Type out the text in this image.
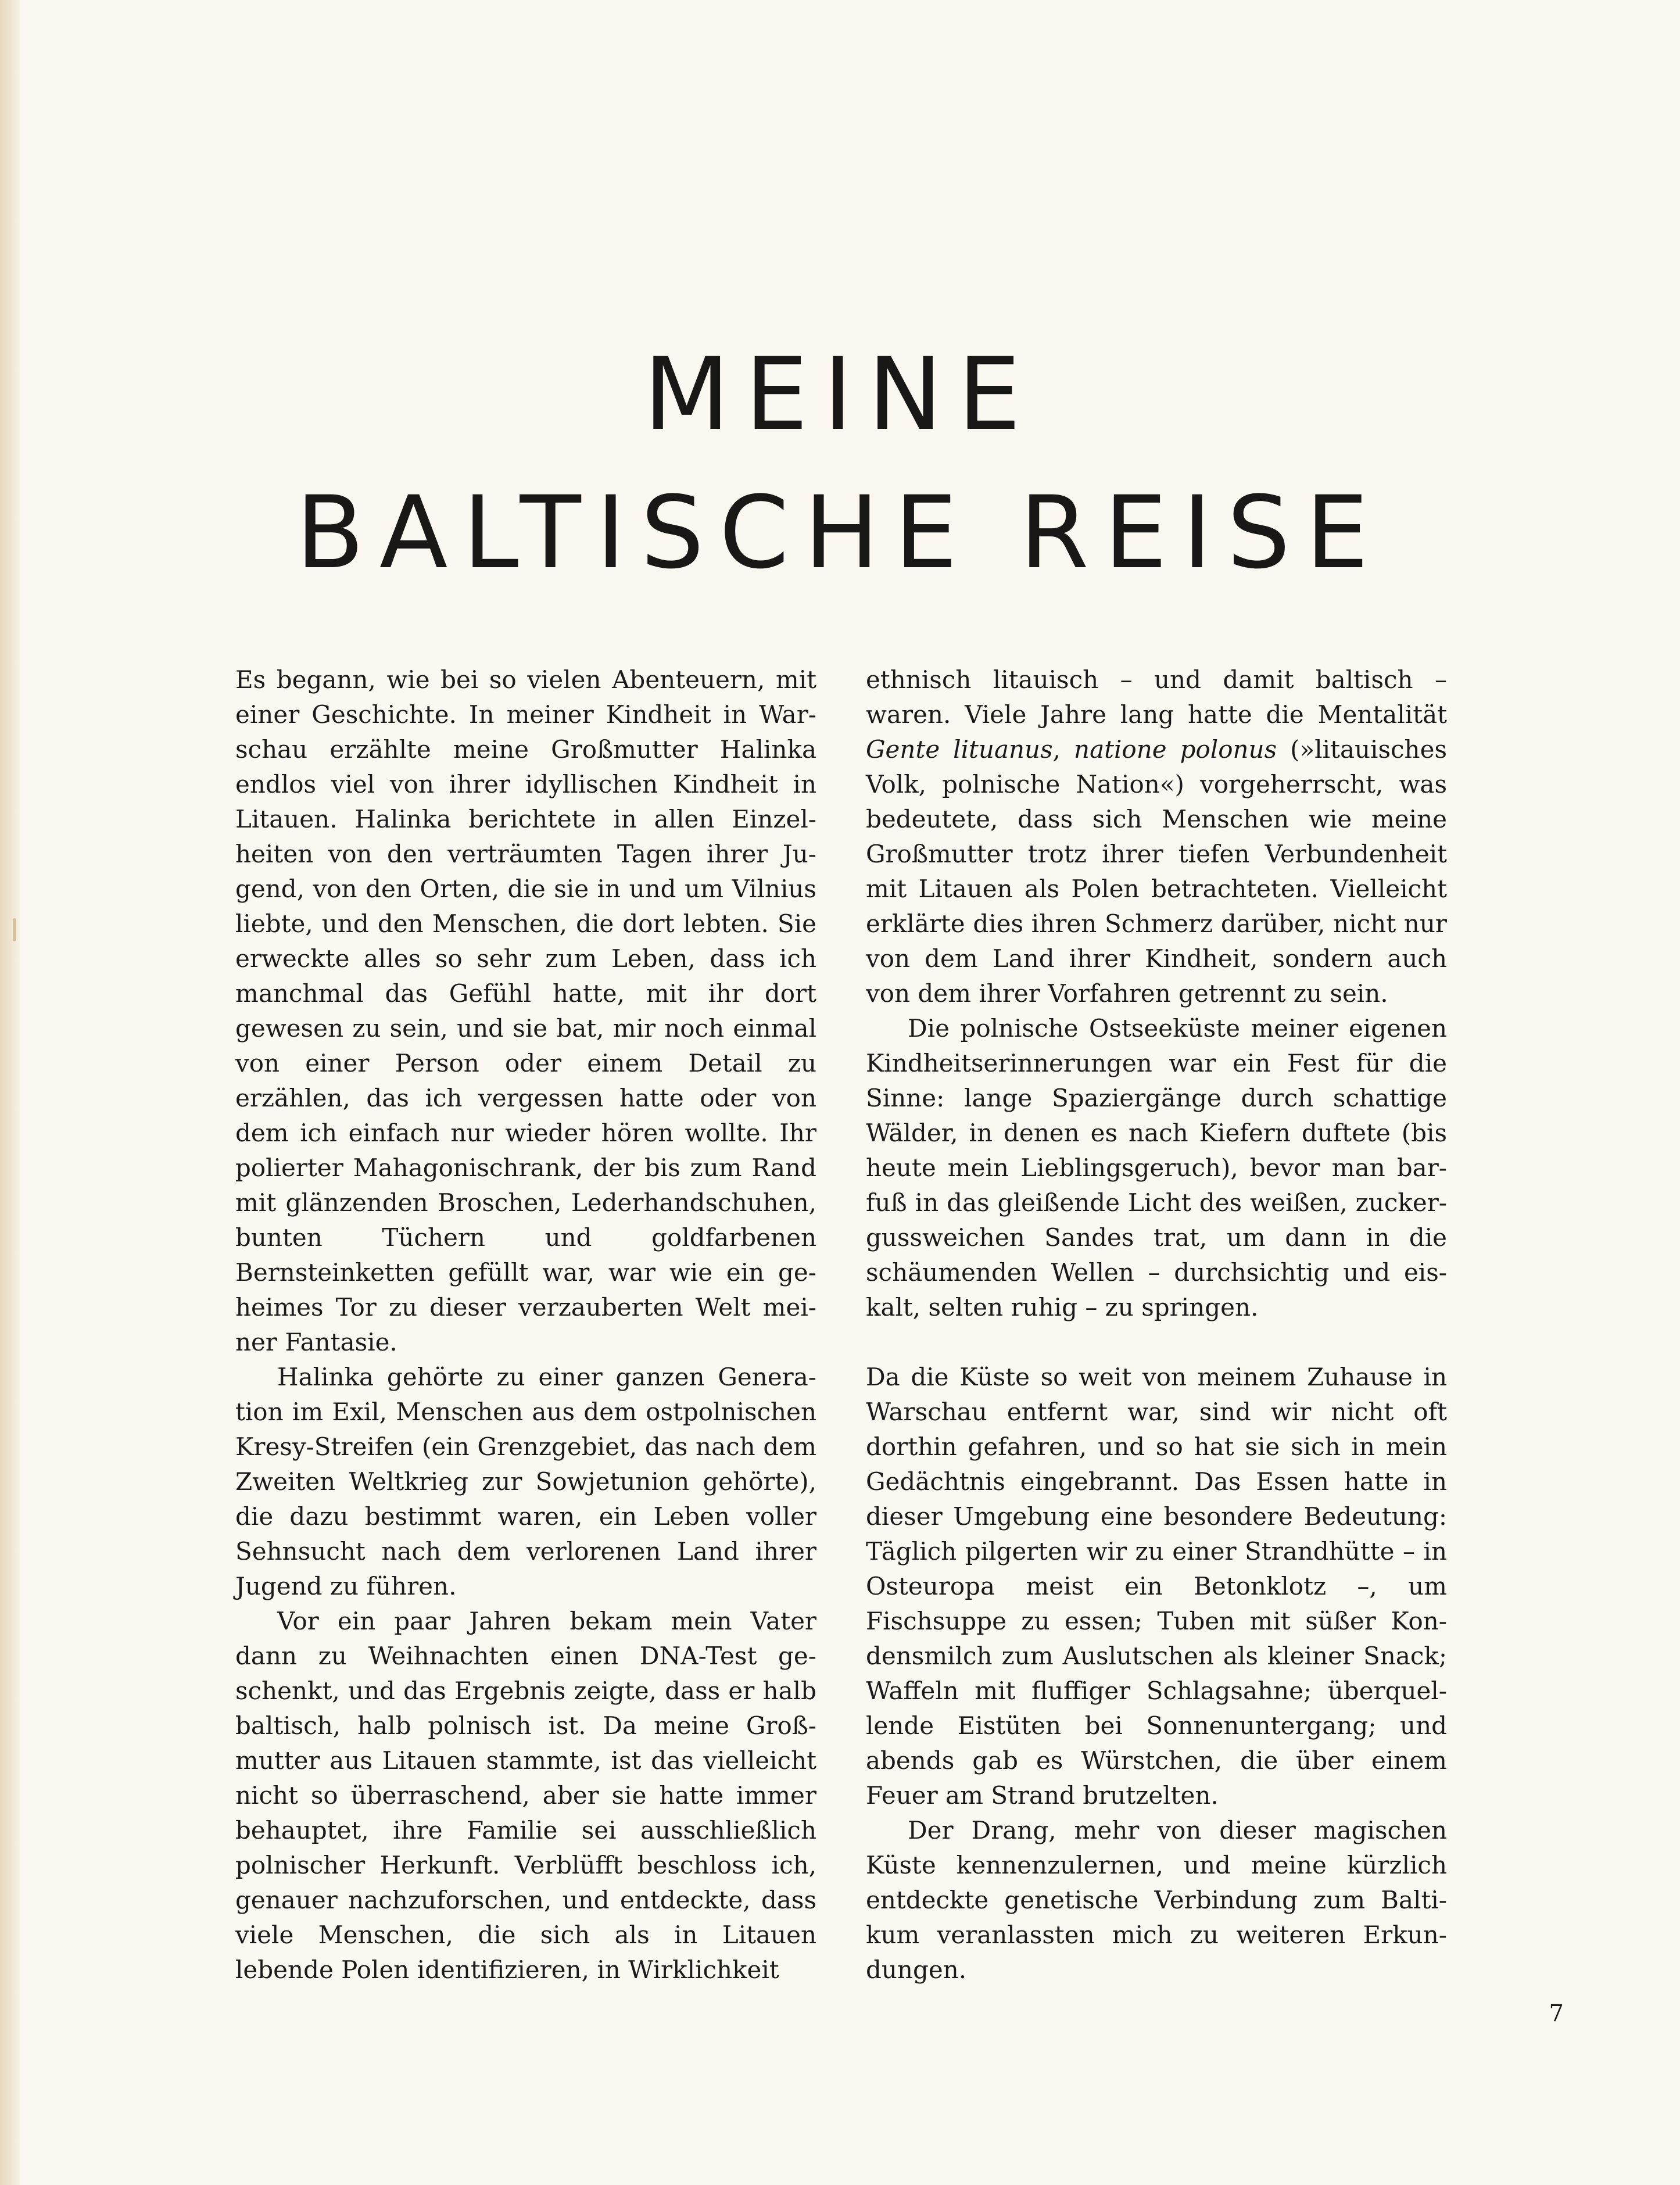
MEINE
BALTISCHE REISE

Es begann, wie bei so vielen Abenteuern, mit einer Geschichte. In meiner Kindheit in Warschau erzählte meine Großmutter Halinka endlos viel von ihrer idyllischen Kindheit in Litauen. Halinka berichtete in allen Einzelheiten von den verträumten Tagen ihrer Jugend, von den Orten, die sie in und um Vilnius liebte, und den Menschen, die dort lebten. Sie erweckte alles so sehr zum Leben, dass ich manchmal das Gefühl hatte, mit ihr dort gewesen zu sein, und sie bat, mir noch einmal von einer Person oder einem Detail zu erzählen, das ich vergessen hatte oder von dem ich einfach nur wieder hören wollte. Ihr polierter Mahagonischrank, der bis zum Rand mit glänzenden Broschen, Lederhandschuhen, bunten Tüchern und goldfarbenen Bernsteinketten gefüllt war, war wie ein geheimes Tor zu dieser verzauberten Welt meiner Fantasie.

Halinka gehörte zu einer ganzen Generation im Exil, Menschen aus dem ostpolnischen Kresy-Streifen (ein Grenzgebiet, das nach dem Zweiten Weltkrieg zur Sowjetunion gehörte), die dazu bestimmt waren, ein Leben voller Sehnsucht nach dem verlorenen Land ihrer Jugend zu führen.

Vor ein paar Jahren bekam mein Vater dann zu Weihnachten einen DNA-Test geschenkt, und das Ergebnis zeigte, dass er halb baltisch, halb polnisch ist. Da meine Großmutter aus Litauen stammte, ist das vielleicht nicht so überraschend, aber sie hatte immer behauptet, ihre Familie sei ausschließlich polnischer Herkunft. Verblüfft beschloss ich, genauer nachzuforschen, und entdeckte, dass viele Menschen, die sich als in Litauen lebende Polen identifizieren, in Wirklichkeit

ethnisch litauisch – und damit baltisch – waren. Viele Jahre lang hatte die Mentalität Gente lituanus, natione polonus (»litauisches Volk, polnische Nation«) vorgeherrscht, was bedeutete, dass sich Menschen wie meine Großmutter trotz ihrer tiefen Verbundenheit mit Litauen als Polen betrachteten. Vielleicht erklärte dies ihren Schmerz darüber, nicht nur von dem Land ihrer Kindheit, sondern auch von dem ihrer Vorfahren getrennt zu sein.

Die polnische Ostseeküste meiner eigenen Kindheitserinnerungen war ein Fest für die Sinne: lange Spaziergänge durch schattige Wälder, in denen es nach Kiefern duftete (bis heute mein Lieblingsgeruch), bevor man barfuß in das gleißende Licht des weißen, zuckergussweichen Sandes trat, um dann in die schäumenden Wellen – durchsichtig und eiskalt, selten ruhig – zu springen.

Da die Küste so weit von meinem Zuhause in Warschau entfernt war, sind wir nicht oft dorthin gefahren, und so hat sie sich in mein Gedächtnis eingebrannt. Das Essen hatte in dieser Umgebung eine besondere Bedeutung: Täglich pilgerten wir zu einer Strandhütte – in Osteuropa meist ein Betonklotz –, um Fischsuppe zu essen; Tuben mit süßer Kondensmilch zum Auslutschen als kleiner Snack; Waffeln mit fluffiger Schlagsahne; überquellende Eistüten bei Sonnenuntergang; und abends gab es Würstchen, die über einem Feuer am Strand brutzelten.

Der Drang, mehr von dieser magischen Küste kennenzulernen, und meine kürzlich entdeckte genetische Verbindung zum Baltikum veranlassten mich zu weiteren Erkundungen.

7
